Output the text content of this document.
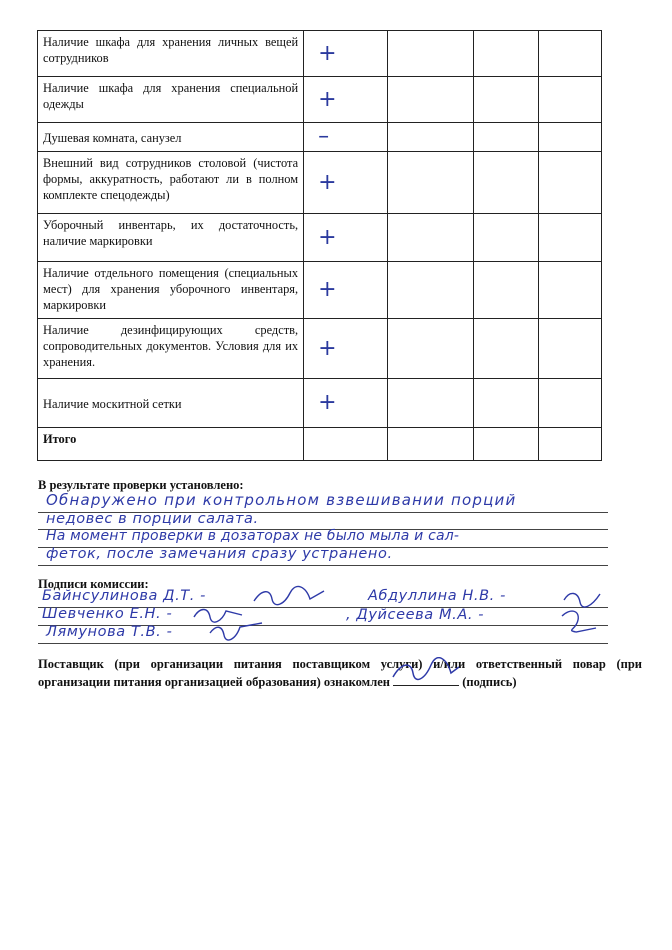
Наличие шкафа для хранения личных вещей сотрудников	+			

Наличие шкафа для хранения специальной одежды	+			

Душевая комната, санузел	–			

Внешний вид сотрудников столовой (чистота формы, аккуратность, работают ли в полном комплекте спецодежды)	+			

Уборочный инвентарь, их достаточность, наличие маркировки	+			

Наличие отдельного помещения (специальных мест) для хранения уборочного инвентаря, маркировки	+			

Наличие дезинфицирующих средств, сопроводительных документов. Условия для их хранения.	+			

Наличие москитной сетки	+			

Итого				
В результате проверки установлено:
Обнаружено при контрольном взвешивании порций
недовес в порции салата.
На момент проверки в дозаторах не было мыла и сал-
феток, после замечания сразу устранено.
Подписи комиссии:
Байнсулинова Д.Т. -
Шевченко Е.Н. -
Лямунова Т.В. -
Абдуллина Н.В. -
, Дуйсеева М.А. -
Поставщик (при организации питания поставщиком услуги) и/или ответственный повар (при организации питания организацией образования) ознакомлен	(подпись)
